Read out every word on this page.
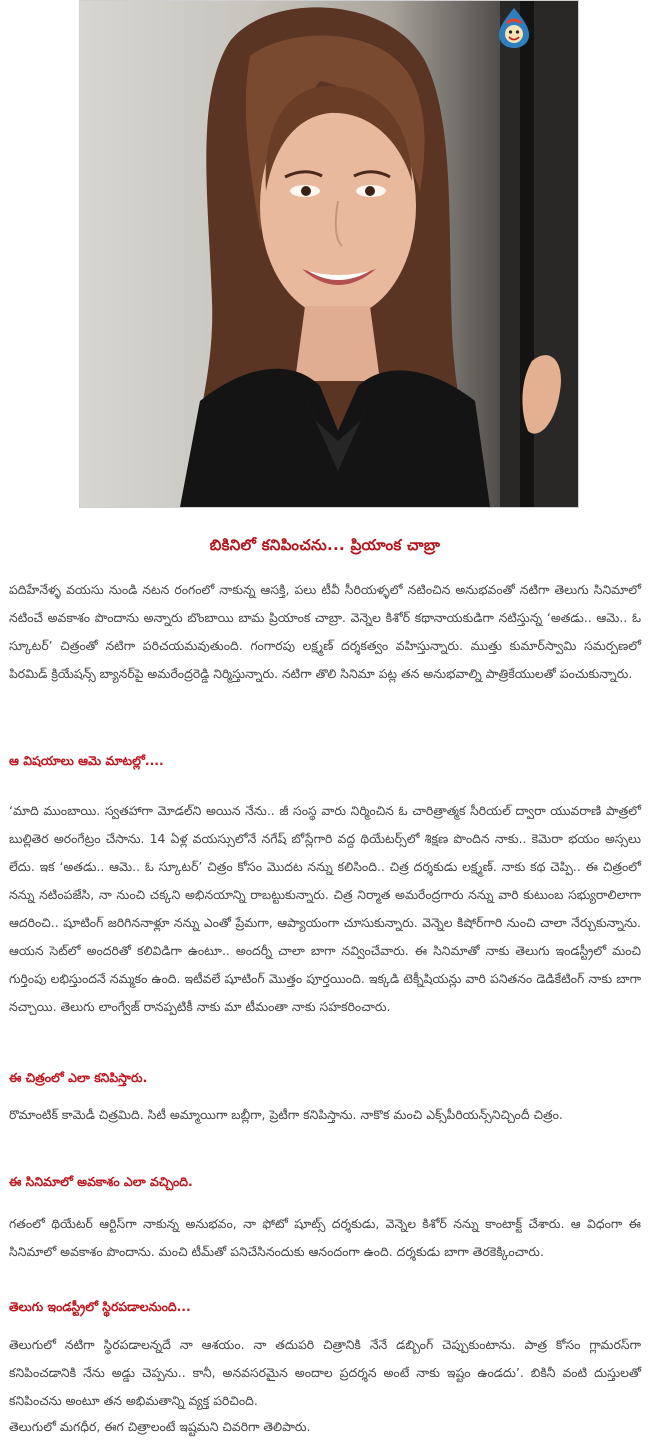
బికినిలో కనిపించను... ప్రియాంక చాబ్రా

పదిహేనేళ్ళ వయసు నుండి నటన రంగంలో నాకున్న ఆసక్తి, పలు టీవీ సీరియళ్ళలో నటించిన అనుభవంతో నటిగా తెలుగు సినిమాలో నటించే అవకాశం పొందాను అన్నారు బొంబాయి బామ ప్రియాంక చాబ్రా. వెన్నెల కిశోర్ కథానాయకుడిగా నటిస్తున్న ‘అతడు.. ఆమె.. ఓ స్కూటర్’ చిత్రంతో నటిగా పరిచయమవుతుంది. గంగారపు లక్ష్మణ్ దర్శకత్వం వహిస్తున్నారు. ముత్తు కుమార్‌స్వామి సమర్పణలో పిరమిడ్ క్రియేషన్స్ బ్యానర్‌పై అమరేంద్రరెడ్డి నిర్మిస్తున్నారు. నటిగా తొలి సినిమా పట్ల తన అనుభవాల్ని పాత్రికేయులతో పంచుకున్నారు.

ఆ విషయాలు ఆమె మాటల్లో....

‘మాది ముంబాయి. స్వతహాగా మోడల్‌ని అయిన నేను.. జీ సంస్థ వారు నిర్మించిన ఓ చారిత్రాత్మక సీరియల్ ద్వారా యువరాణి పాత్రలో బుల్లితెర అరంగేట్రం చేసాను. 14 ఏళ్ల వయస్సులోనే నగేష్ బోస్లేగారి వద్ద థియేటర్స్‌లో శిక్షణ పొందిన నాకు.. కెమెరా భయం అస్సలు లేదు. ఇక ‘అతడు.. ఆమె.. ఓ స్కూటర్’ చిత్రం కోసం మొదట నన్ను కలిసింది.. చిత్ర దర్శకుడు లక్ష్మణ్. నాకు కథ చెప్పి.. ఈ చిత్రంలో నన్ను నటింపజేసి, నా నుంచి చక్కని అభినయాన్ని రాబట్టుకున్నారు. చిత్ర నిర్మాత అమరేంద్రగారు నన్ను వారి కుటుంబ సభ్యురాలిలాగా ఆదరించి.. షూటింగ్ జరిగిననాళ్లూ నన్ను ఎంతో ప్రేమగా, ఆప్యాయంగా చూసుకున్నారు. వెన్నెల కిషోర్‌గారి నుంచి చాలా నేర్చుకున్నాను. ఆయన సెట్‌లో అందరితో కలివిడిగా ఉంటూ.. అందర్నీ చాలా బాగా నవ్వించేవారు. ఈ సినిమాతో నాకు తెలుగు ఇండస్ట్రీలో మంచి గుర్తింపు లభిస్తుందనే నమ్మకం ఉంది. ఇటీవలే షూటింగ్ మొత్తం పూర్తయింది. ఇక్కడి టెక్నీషియన్లు వారి పనితనం డెడికేటింగ్ నాకు బాగా నచ్చాయి. తెలుగు లాంగ్వేజ్ రానప్పటికీ నాకు మా టీమంతా నాకు సహకరించారు.

ఈ చిత్రంలో ఎలా కనిపిస్తారు.

రొమాంటిక్ కామెడీ చిత్రమిది. సిటీ అమ్మాయిగా బబ్లీగా, ప్రెటీగా కనిపిస్తాను. నాకొక మంచి ఎక్స్‌పీరియన్స్‌నిచ్చిందీ చిత్రం.

ఈ సినిమాలో అవకాశం ఎలా వచ్చింది.

గతంలో థియేటర్ ఆర్టిస్‌గా నాకున్న అనుభవం, నా ఫోటో షూట్స్ దర్శకుడు, వెన్నెల కిశోర్ నన్ను కాంటాక్ట్ చేశారు. ఆ విధంగా ఈ సినిమాలో అవకాశం పొందాను. మంచి టీమ్‌తో పనిచేసినందుకు ఆనందంగా ఉంది. దర్శకుడు బాగా తెరకెక్కించారు.

తెలుగు ఇండస్ట్రీలో స్థిరపడాలనుంది...

తెలుగులో నటిగా స్థిరపడాలన్నదే నా ఆశయం. నా తదుపరి చిత్రానికి నేనే డబ్బింగ్ చెప్పుకుంటాను. పాత్ర కోసం గ్లామరస్‌గా కనిపించడానికి నేను అడ్డు చెప్పను.. కానీ, అనవసరమైన అందాల ప్రదర్శన అంటే నాకు ఇష్టం ఉండదు’. బికినీ వంటి దుస్తులతో కనిపించను అంటూ తన అభిమతాన్ని వ్యక్త పరిచింది.

తెలుగులో మగధీర, ఈగ చిత్రాలంటే ఇష్టమని చివరిగా తెలిపారు.
